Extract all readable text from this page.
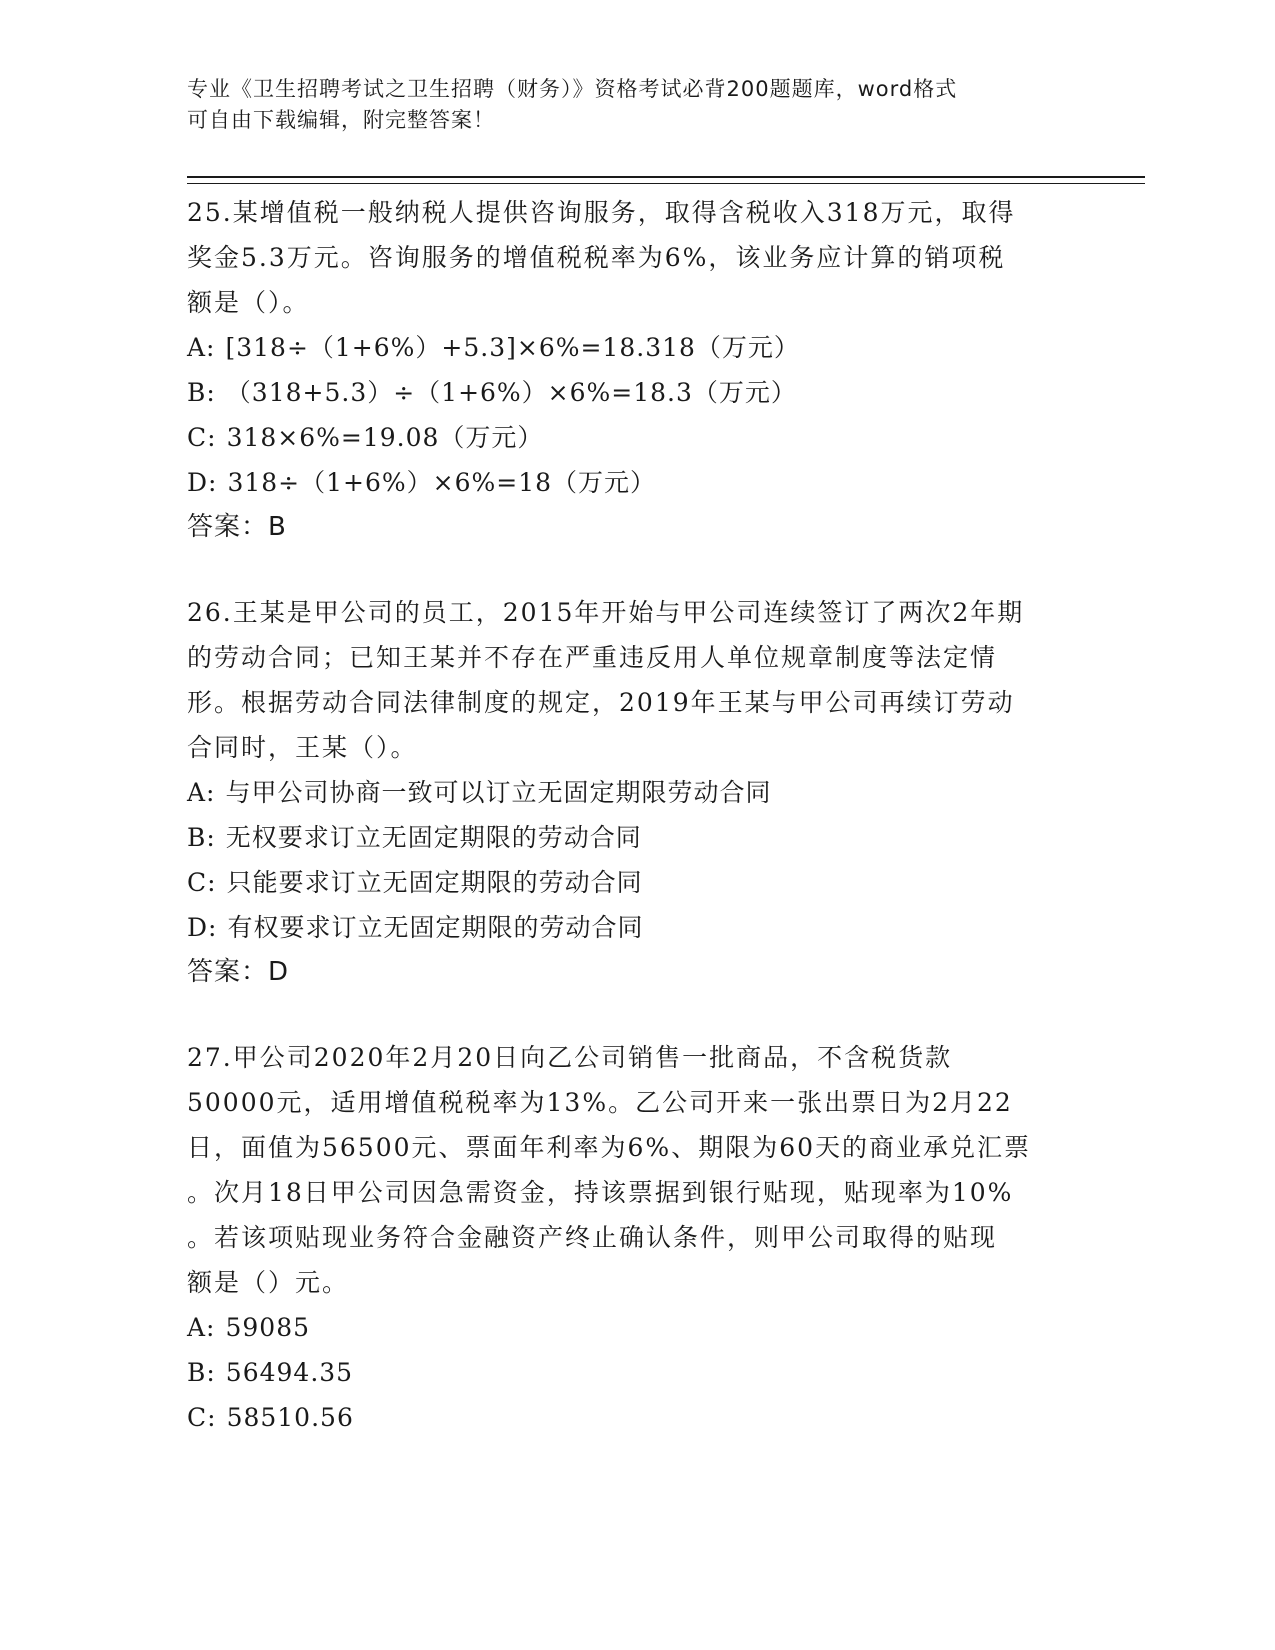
专业《卫生招聘考试之卫生招聘（财务）》资格考试必背200题题库，word格式
可自由下载编辑，附完整答案！
25.某增值税一般纳税人提供咨询服务，取得含税收入318万元，取得
奖金5.3万元。咨询服务的增值税税率为6%，该业务应计算的销项税
额是（）。
A: [318÷（1+6%）+5.3]×6%=18.318（万元）
B: （318+5.3）÷（1+6%）×6%=18.3（万元）
C: 318×6%=19.08（万元）
D: 318÷（1+6%）×6%=18（万元）
答案：B
26.王某是甲公司的员工，2015年开始与甲公司连续签订了两次2年期
的劳动合同；已知王某并不存在严重违反用人单位规章制度等法定情
形。根据劳动合同法律制度的规定，2019年王某与甲公司再续订劳动
合同时，王某（）。
A: 与甲公司协商一致可以订立无固定期限劳动合同
B: 无权要求订立无固定期限的劳动合同
C: 只能要求订立无固定期限的劳动合同
D: 有权要求订立无固定期限的劳动合同
答案：D
27.甲公司2020年2月20日向乙公司销售一批商品，不含税货款
50000元，适用增值税税率为13%。乙公司开来一张出票日为2月22
日，面值为56500元、票面年利率为6%、期限为60天的商业承兑汇票
。次月18日甲公司因急需资金，持该票据到银行贴现，贴现率为10%
。若该项贴现业务符合金融资产终止确认条件，则甲公司取得的贴现
额是（）元。
A: 59085
B: 56494.35
C: 58510.56
